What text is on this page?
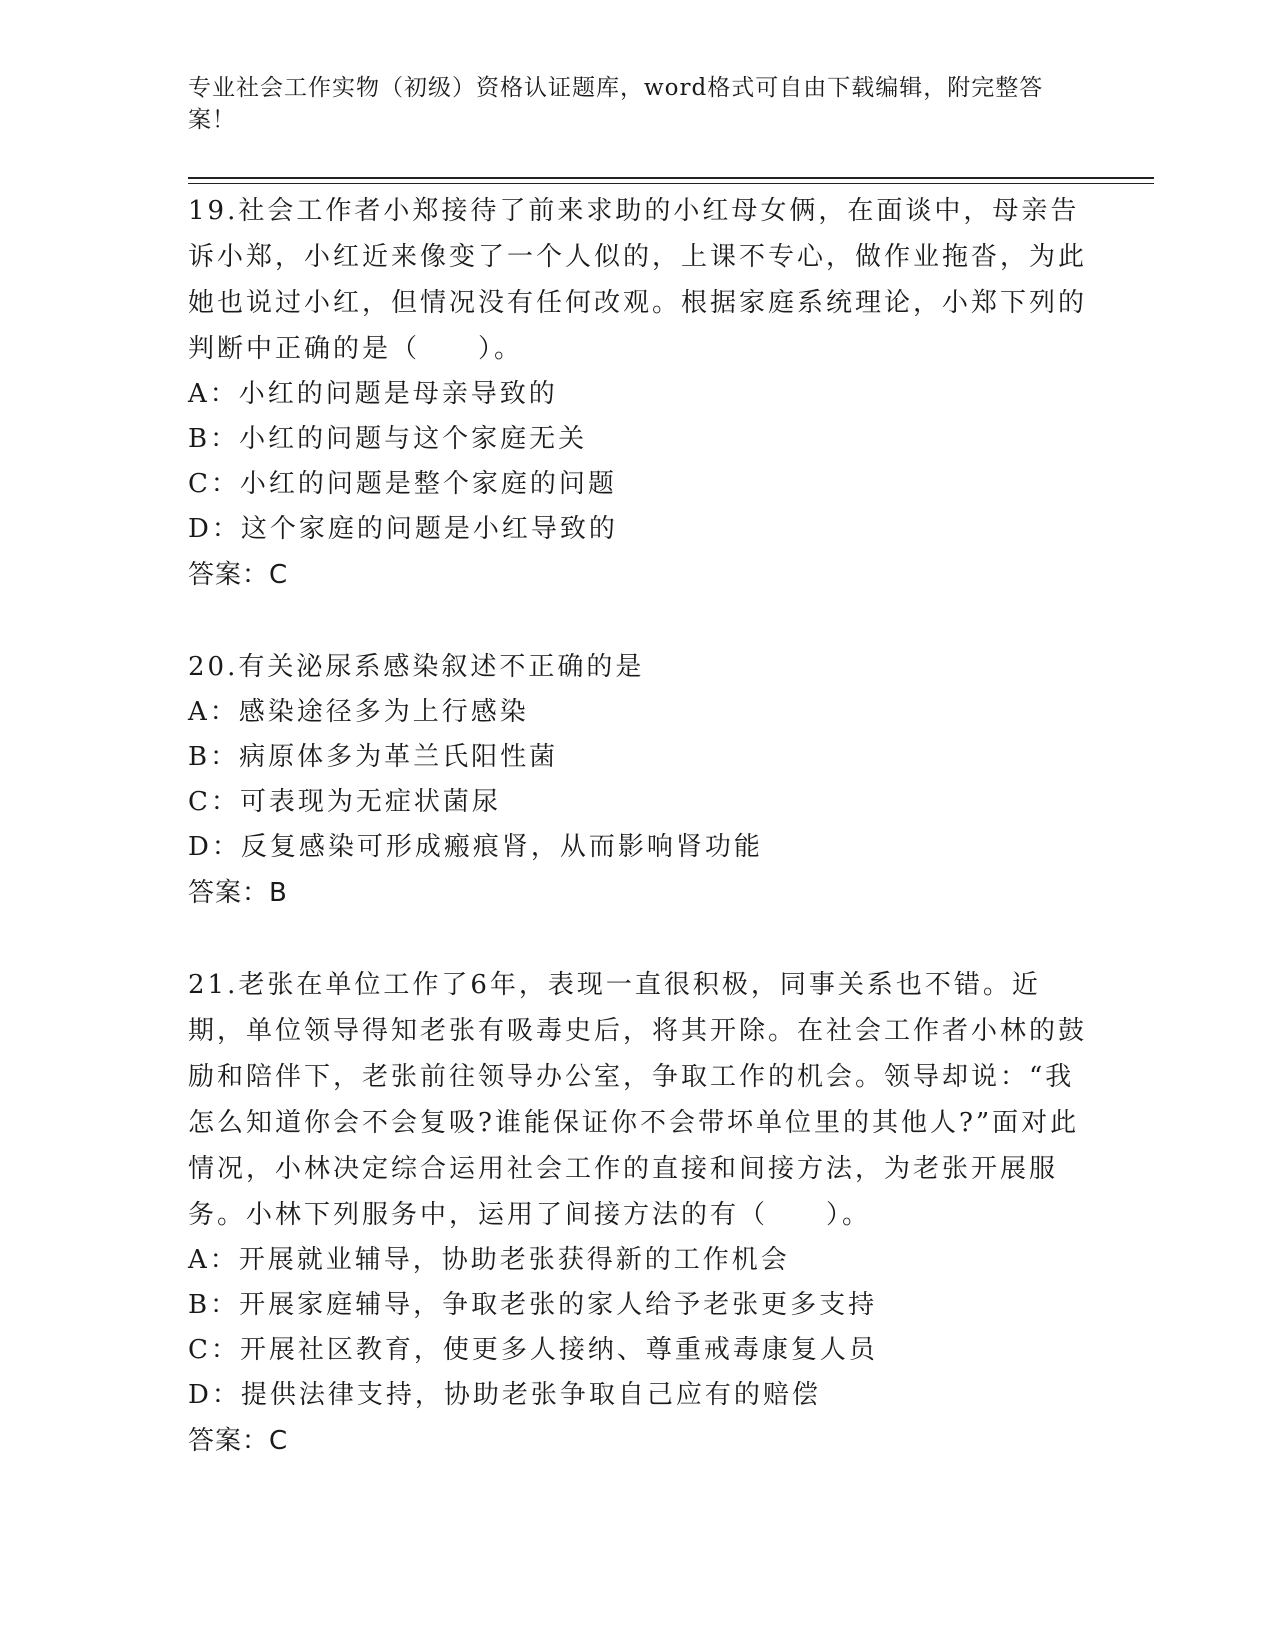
专业社会工作实物（初级）资格认证题库，word格式可自由下载编辑，附完整答案！

19.社会工作者小郑接待了前来求助的小红母女俩，在面谈中，母亲告诉小郑，小红近来像变了一个人似的，上课不专心，做作业拖沓，为此她也说过小红，但情况没有任何改观。根据家庭系统理论，小郑下列的判断中正确的是（　　）。

A：小红的问题是母亲导致的

B：小红的问题与这个家庭无关

C：小红的问题是整个家庭的问题

D：这个家庭的问题是小红导致的

答案：C

20.有关泌尿系感染叙述不正确的是

A：感染途径多为上行感染

B：病原体多为革兰氏阳性菌

C：可表现为无症状菌尿

D：反复感染可形成瘢痕肾，从而影响肾功能

答案：B

21.老张在单位工作了6年，表现一直很积极，同事关系也不错。近期，单位领导得知老张有吸毒史后，将其开除。在社会工作者小林的鼓励和陪伴下，老张前往领导办公室，争取工作的机会。领导却说：“我怎么知道你会不会复吸?谁能保证你不会带坏单位里的其他人?”面对此情况，小林决定综合运用社会工作的直接和间接方法，为老张开展服务。小林下列服务中，运用了间接方法的有（　　）。

A：开展就业辅导，协助老张获得新的工作机会

B：开展家庭辅导，争取老张的家人给予老张更多支持

C：开展社区教育，使更多人接纳、尊重戒毒康复人员

D：提供法律支持，协助老张争取自己应有的赔偿

答案：C
